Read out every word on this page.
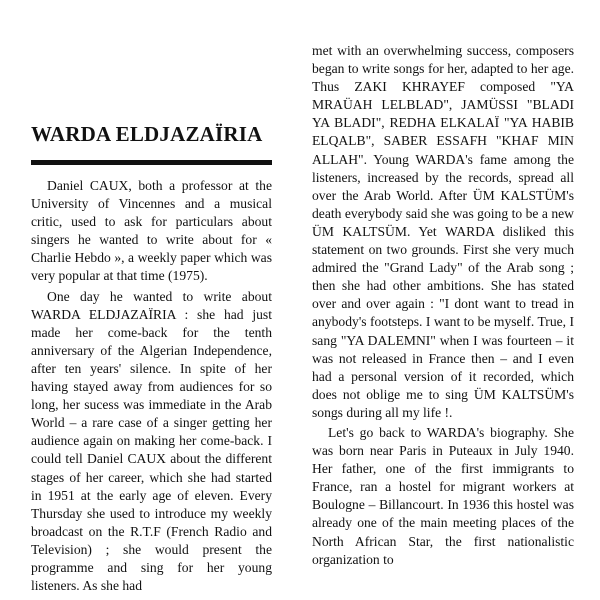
WARDA ELDJAZAÏRIA

Daniel CAUX, both a professor at the University of Vincennes and a musical critic, used to ask for particulars about singers he wanted to write about for « Charlie Hebdo », a weekly paper which was very popular at that time (1975).

One day he wanted to write about WARDA ELDJAZAÏRIA : she had just made her come-back for the tenth anniversary of the Algerian Independence, after ten years' silence. In spite of her having stayed away from audiences for so long, her sucess was immediate in the Arab World – a rare case of a singer getting her audience again on making her come-back. I could tell Daniel CAUX about the different stages of her career, which she had started in 1951 at the early age of eleven. Every Thursday she used to introduce my weekly broadcast on the R.T.F (French Radio and Television) ; she would present the programme and sing for her young listeners. As she had

met with an overwhelming success, composers began to write songs for her, adapted to her age. Thus ZAKI KHRAYEF composed "YA MRAÜAH LELBLAD", JAMÜSSI "BLADI YA BLADI", REDHA ELKALAÏ "YA HABIB ELQALB", SABER ESSAFH "KHAF MIN ALLAH". Young WARDA's fame among the listeners, increased by the records, spread all over the Arab World. After ÜM KALSTÜM's death everybody said she was going to be a new ÜM KALTSÜM. Yet WARDA disliked this statement on two grounds. First she very much admired the "Grand Lady" of the Arab song ; then she had other ambitions. She has stated over and over again : "I dont want to tread in anybody's footsteps. I want to be myself. True, I sang "YA DALEMNI" when I was fourteen – it was not released in France then – and I even had a personal version of it recorded, which does not oblige me to sing ÜM KALTSÜM's songs during all my life !.

Let's go back to WARDA's biography. She was born near Paris in Puteaux in July 1940. Her father, one of the first immigrants to France, ran a hostel for migrant workers at Boulogne – Billancourt. In 1936 this hostel was already one of the main meeting places of the North African Star, the first nationalistic organization to
